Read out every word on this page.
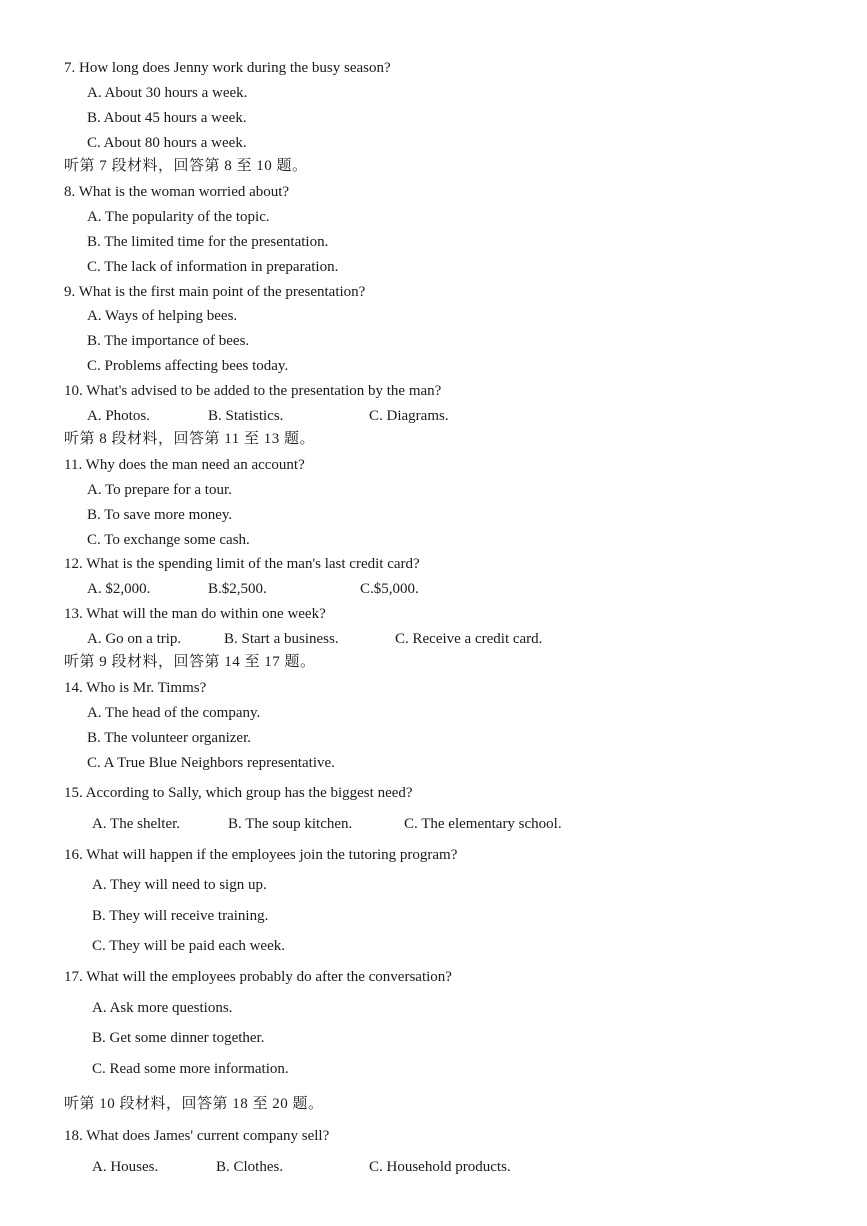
7. How long does Jenny work during the busy season?
A. About 30 hours a week.
B. About 45 hours a week.
C. About 80 hours a week.
听第 7 段材料，回答第 8 至 10 题。
8. What is the woman worried about?
A. The popularity of the topic.
B. The limited time for the presentation.
C. The lack of information in preparation.
9. What is the first main point of the presentation?
A. Ways of helping bees.
B. The importance of bees.
C. Problems affecting bees today.
10. What's advised to be added to the presentation by the man?
A. Photos.	B. Statistics.	C. Diagrams.
听第 8 段材料，回答第 11 至 13 题。
11. Why does the man need an account?
A. To prepare for a tour.
B. To save more money.
C. To exchange some cash.
12. What is the spending limit of the man's last credit card?
A. $2,000.	B.$2,500.	C.$5,000.
13. What will the man do within one week?
A. Go on a trip.	B. Start a business.	C. Receive a credit card.
听第 9 段材料，回答第 14 至 17 题。
14. Who is Mr. Timms?
A. The head of the company.
B. The volunteer organizer.
C. A True Blue Neighbors representative.
15. According to Sally, which group has the biggest need?
A. The shelter.	B. The soup kitchen.	C. The elementary school.
16. What will happen if the employees join the tutoring program?
A. They will need to sign up.
B. They will receive training.
C. They will be paid each week.
17. What will the employees probably do after the conversation?
A. Ask more questions.
B. Get some dinner together.
C. Read some more information.
听第 10 段材料，回答第 18 至 20 题。
18. What does James' current company sell?
A. Houses.	B. Clothes.	C. Household products.
